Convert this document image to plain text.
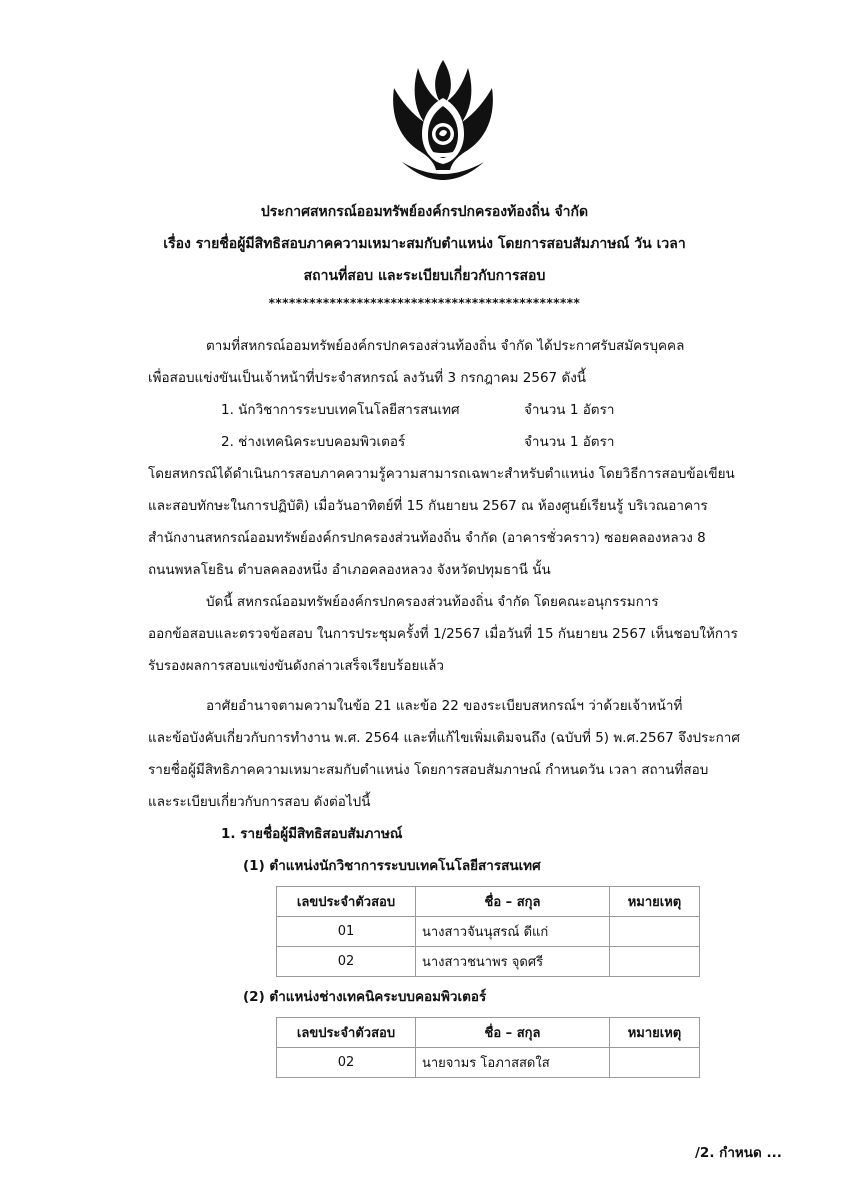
ประกาศสหกรณ์ออมทรัพย์องค์กรปกครองท้องถิ่น จำกัด
เรื่อง รายชื่อผู้มีสิทธิสอบภาคความเหมาะสมกับตำแหน่ง โดยการสอบสัมภาษณ์ วัน เวลา
สถานที่สอบ และระเบียบเกี่ยวกับการสอบ
**********************************************
ตามที่สหกรณ์ออมทรัพย์องค์กรปกครองส่วนท้องถิ่น จำกัด ได้ประกาศรับสมัครบุคคล
เพื่อสอบแข่งขันเป็นเจ้าหน้าที่ประจำสหกรณ์ ลงวันที่ 3 กรกฎาคม 2567 ดังนี้
1. นักวิชาการระบบเทคโนโลยีสารสนเทศ	จำนวน 1 อัตรา
2. ช่างเทคนิคระบบคอมพิวเตอร์	จำนวน 1 อัตรา
โดยสหกรณ์ได้ดำเนินการสอบภาคความรู้ความสามารถเฉพาะสำหรับตำแหน่ง โดยวิธีการสอบข้อเขียน
และสอบทักษะในการปฏิบัติ) เมื่อวันอาทิตย์ที่ 15 กันยายน 2567 ณ ห้องศูนย์เรียนรู้ บริเวณอาคาร
สำนักงานสหกรณ์ออมทรัพย์องค์กรปกครองส่วนท้องถิ่น จำกัด (อาคารชั่วคราว) ซอยคลองหลวง 8
ถนนพหลโยธิน ตำบลคลองหนึ่ง อำเภอคลองหลวง จังหวัดปทุมธานี นั้น
บัดนี้ สหกรณ์ออมทรัพย์องค์กรปกครองส่วนท้องถิ่น จำกัด โดยคณะอนุกรรมการ
ออกข้อสอบและตรวจข้อสอบ ในการประชุมครั้งที่ 1/2567 เมื่อวันที่ 15 กันยายน 2567 เห็นชอบให้การ
รับรองผลการสอบแข่งขันดังกล่าวเสร็จเรียบร้อยแล้ว
อาศัยอำนาจตามความในข้อ 21 และข้อ 22 ของระเบียบสหกรณ์ฯ ว่าด้วยเจ้าหน้าที่
และข้อบังคับเกี่ยวกับการทำงาน พ.ศ. 2564 และที่แก้ไขเพิ่มเติมจนถึง (ฉบับที่ 5) พ.ศ.2567 จึงประกาศ
รายชื่อผู้มีสิทธิภาคความเหมาะสมกับตำแหน่ง โดยการสอบสัมภาษณ์ กำหนดวัน เวลา สถานที่สอบ
และระเบียบเกี่ยวกับการสอบ ดังต่อไปนี้
1. รายชื่อผู้มีสิทธิสอบสัมภาษณ์
(1) ตำแหน่งนักวิชาการระบบเทคโนโลยีสารสนเทศ
เลขประจำตัวสอบ	ชื่อ – สกุล	หมายเหตุ
01	นางสาวจันนุสรณ์ ดีแก่	
02	นางสาวชนาพร จุดศรี	
(2) ตำแหน่งช่างเทคนิคระบบคอมพิวเตอร์
เลขประจำตัวสอบ	ชื่อ – สกุล	หมายเหตุ
02	นายจามร โอภาสสดใส	
/2. กำหนด ...
